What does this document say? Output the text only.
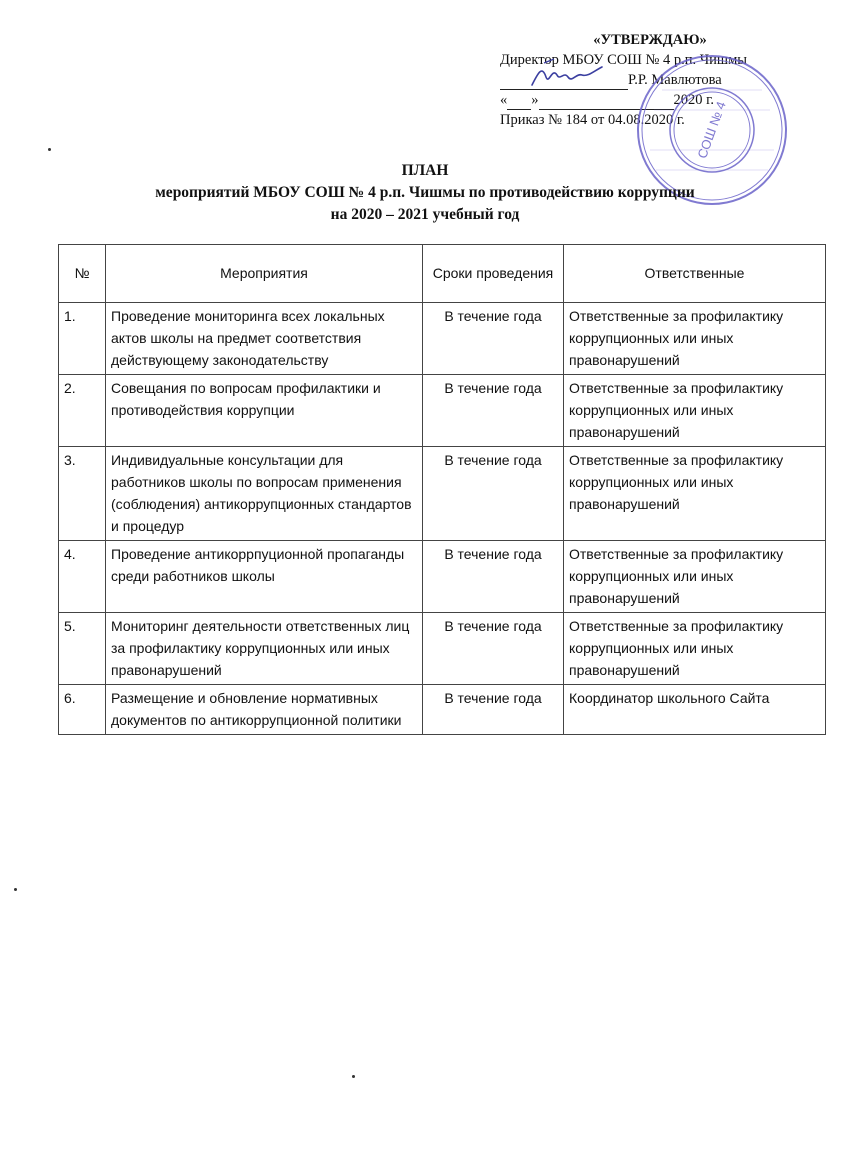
«УТВЕРЖДАЮ»
Директор МБОУ СОШ № 4 р.п. Чишмы
Р.Р. Мавлютова
« »	2020 г.
Приказ № 184 от 04.08.2020 г. СОШ № 4
ПЛАН
мероприятий МБОУ СОШ № 4 р.п. Чишмы по противодействию коррупции
на 2020 – 2021 учебный год
№	Мероприятия	Сроки проведения	Ответственные
1.	Проведение мониторинга всех локальных актов школы на предмет соответствия действующему законодательству	В течение года	Ответственные за профилактику коррупционных или иных правонарушений
2.	Совещания по вопросам профилактики и противодействия коррупции	В течение года	Ответственные за профилактику коррупционных или иных правонарушений
3.	Индивидуальные консультации для работников школы по вопросам применения (соблюдения) антикоррупционных стандартов и процедур	В течение года	Ответственные за профилактику коррупционных или иных правонарушений
4.	Проведение антикоррпуционной пропаганды среди работников школы	В течение года	Ответственные за профилактику коррупционных или иных правонарушений
5.	Мониторинг деятельности ответственных лиц за профилактику коррупционных или иных правонарушений	В течение года	Ответственные за профилактику коррупционных или иных правонарушений
6.	Размещение и обновление нормативных документов по антикоррупционной политики	В течение года	Координатор школьного Сайта
